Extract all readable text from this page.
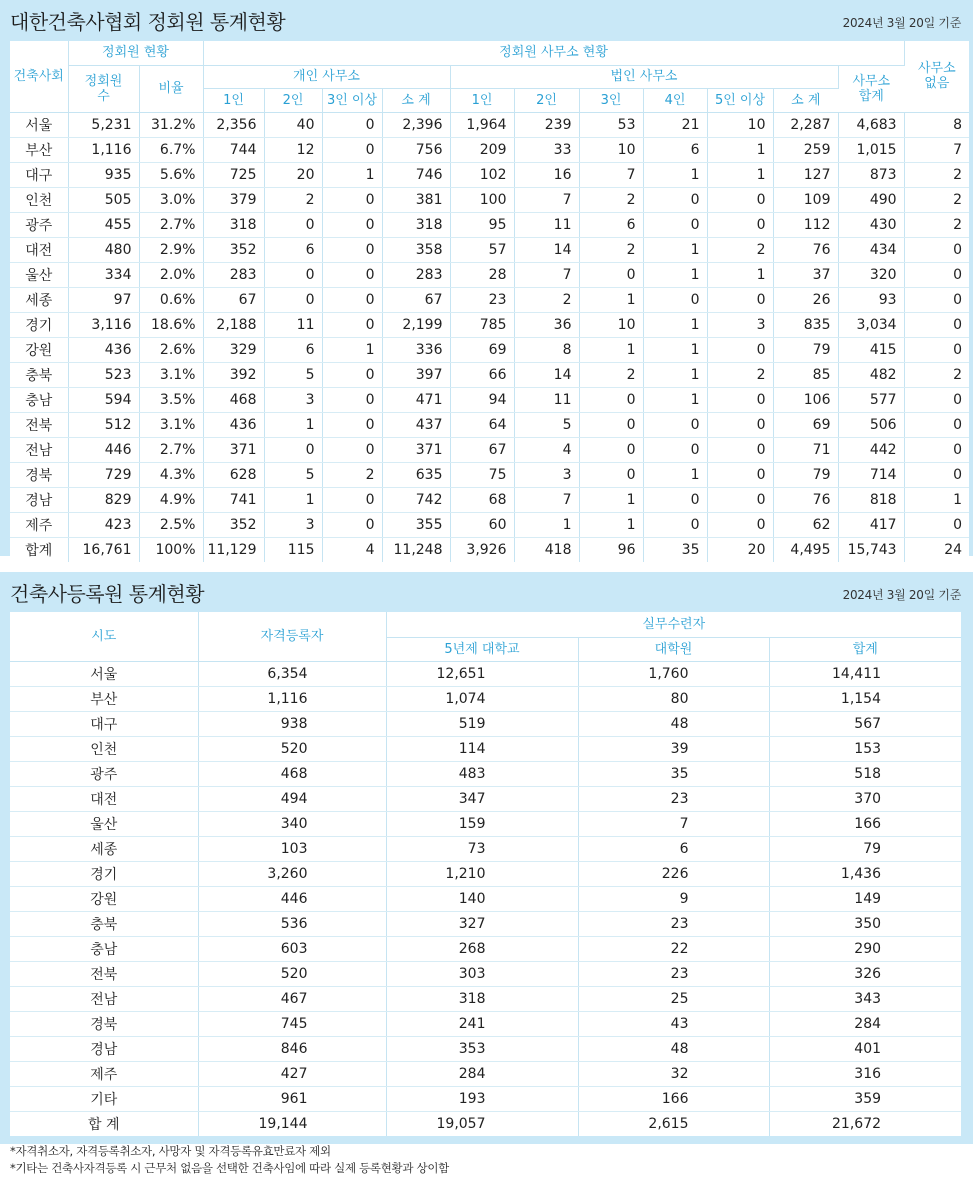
대한건축사협회 정회원 통계현황	2024년 3월 20일 기준
건축사회	정회원 현황		정회원 사무소 현황											사무소 없음
	정회원 수	비율	개인 사무소				법인 사무소						사무소 합계	
			1인	2인	3인 이상	소 계	1인	2인	3인	4인	5인 이상	소 계		
서울	5,231	31.2%	2,356	40	0	2,396	1,964	239	53	21	10	2,287	4,683	8
부산	1,116	6.7%	744	12	0	756	209	33	10	6	1	259	1,015	7
대구	935	5.6%	725	20	1	746	102	16	7	1	1	127	873	2
인천	505	3.0%	379	2	0	381	100	7	2	0	0	109	490	2
광주	455	2.7%	318	0	0	318	95	11	6	0	0	112	430	2
대전	480	2.9%	352	6	0	358	57	14	2	1	2	76	434	0
울산	334	2.0%	283	0	0	283	28	7	0	1	1	37	320	0
세종	97	0.6%	67	0	0	67	23	2	1	0	0	26	93	0
경기	3,116	18.6%	2,188	11	0	2,199	785	36	10	1	3	835	3,034	0
강원	436	2.6%	329	6	1	336	69	8	1	1	0	79	415	0
충북	523	3.1%	392	5	0	397	66	14	2	1	2	85	482	2
충남	594	3.5%	468	3	0	471	94	11	0	1	0	106	577	0
전북	512	3.1%	436	1	0	437	64	5	0	0	0	69	506	0
전남	446	2.7%	371	0	0	371	67	4	0	0	0	71	442	0
경북	729	4.3%	628	5	2	635	75	3	0	1	0	79	714	0
경남	829	4.9%	741	1	0	742	68	7	1	0	0	76	818	1
제주	423	2.5%	352	3	0	355	60	1	1	0	0	62	417	0
합계	16,761	100%	11,129	115	4	11,248	3,926	418	96	35	20	4,495	15,743	24
건축사등록원 통계현황	2024년 3월 20일 기준
시도	자격등록자	실무수련자		
		5년제 대학교	대학원	합계
서울	6,354	12,651	1,760	14,411
부산	1,116	1,074	80	1,154
대구	938	519	48	567
인천	520	114	39	153
광주	468	483	35	518
대전	494	347	23	370
울산	340	159	7	166
세종	103	73	6	79
경기	3,260	1,210	226	1,436
강원	446	140	9	149
충북	536	327	23	350
충남	603	268	22	290
전북	520	303	23	326
전남	467	318	25	343
경북	745	241	43	284
경남	846	353	48	401
제주	427	284	32	316
기타	961	193	166	359
합 계	19,144	19,057	2,615	21,672
*자격취소자, 자격등록취소자, 사망자 및 자격등록유효만료자 제외
*기타는 건축사자격등록 시 근무처 없음을 선택한 건축사임에 따라 실제 등록현황과 상이함
